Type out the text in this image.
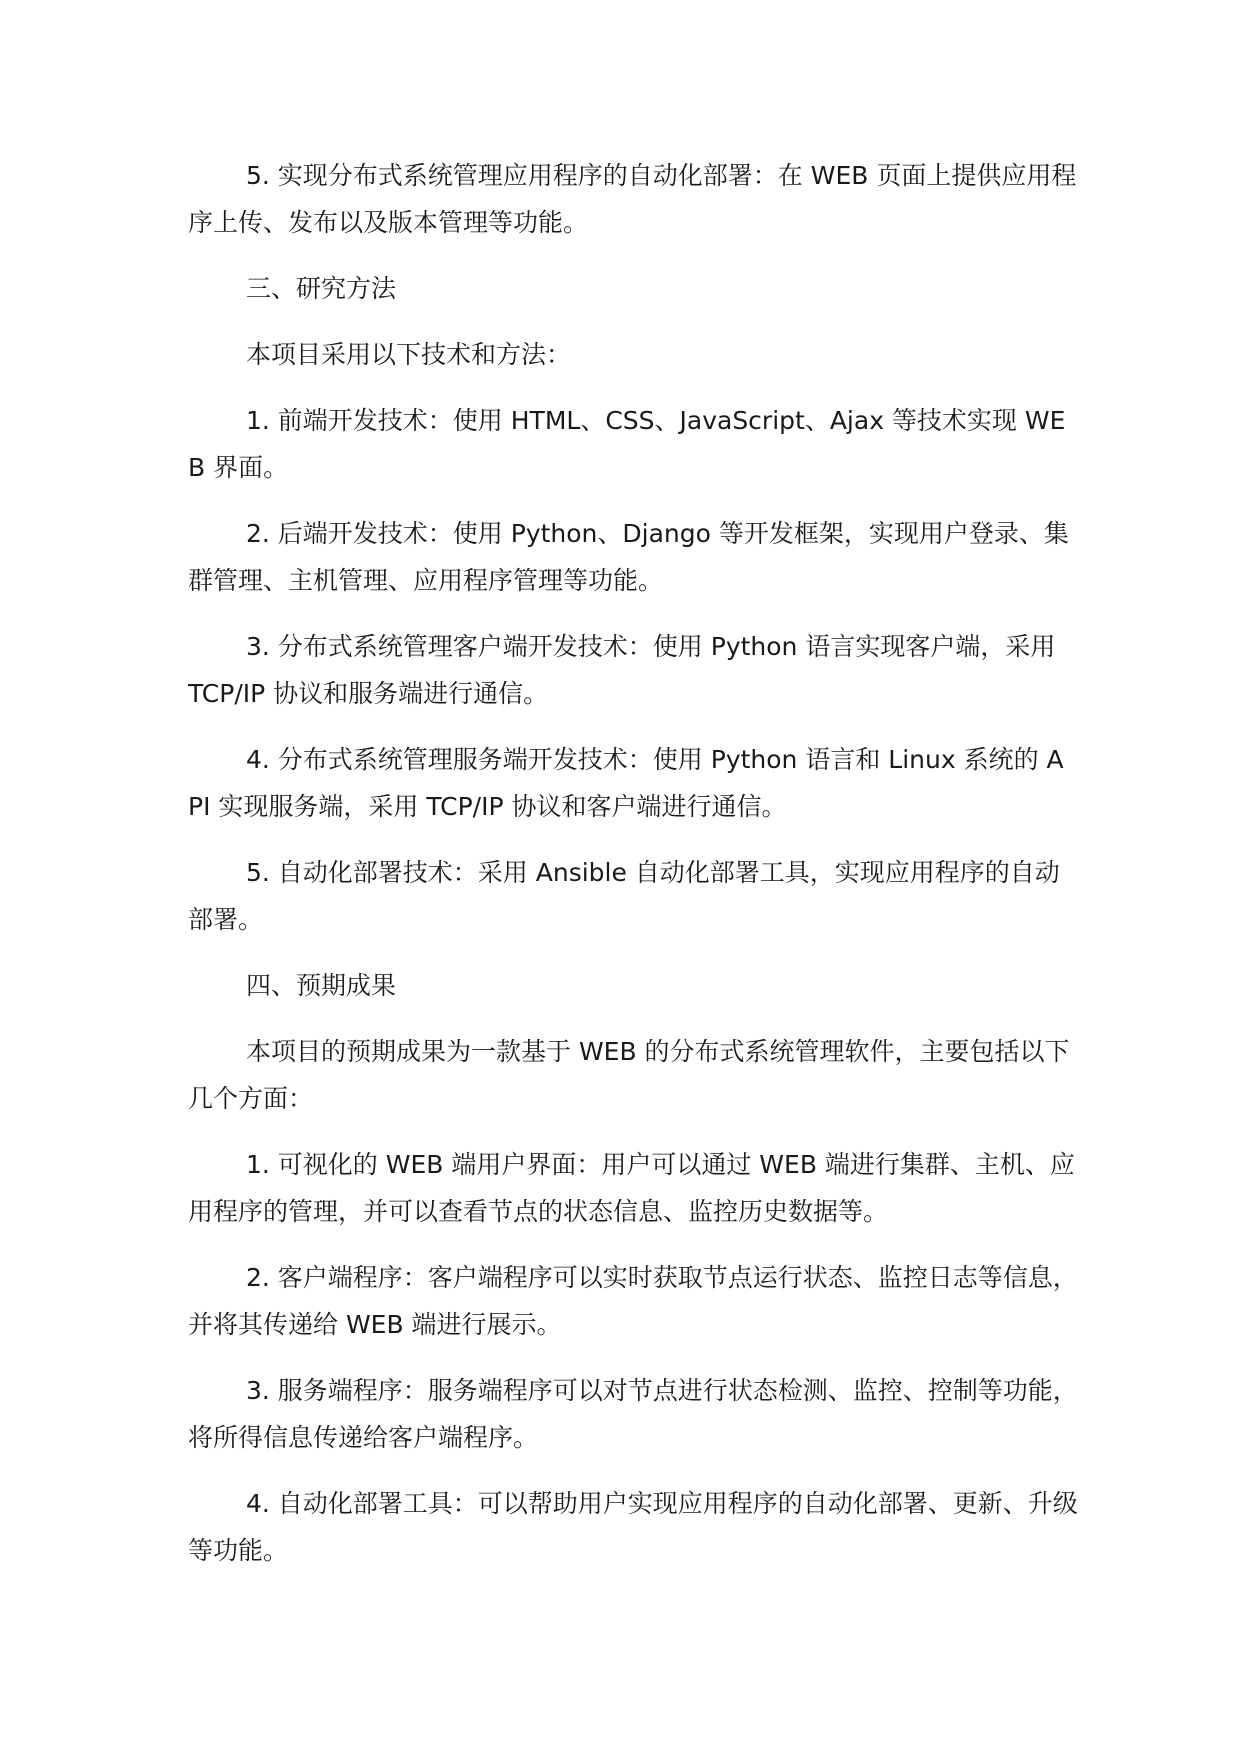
5. 实现分布式系统管理应用程序的自动化部署：在 WEB 页面上提供应用程序上传、发布以及版本管理等功能。

三、研究方法

本项目采用以下技术和方法：

1. 前端开发技术：使用 HTML、CSS、JavaScript、Ajax 等技术实现 WEB 界面。

2. 后端开发技术：使用 Python、Django 等开发框架，实现用户登录、集群管理、主机管理、应用程序管理等功能。

3. 分布式系统管理客户端开发技术：使用 Python 语言实现客户端，采用 TCP/IP 协议和服务端进行通信。

4. 分布式系统管理服务端开发技术：使用 Python 语言和 Linux 系统的 API 实现服务端，采用 TCP/IP 协议和客户端进行通信。

5. 自动化部署技术：采用 Ansible 自动化部署工具，实现应用程序的自动部署。

四、预期成果

本项目的预期成果为一款基于 WEB 的分布式系统管理软件，主要包括以下几个方面：

1. 可视化的 WEB 端用户界面：用户可以通过 WEB 端进行集群、主机、应用程序的管理，并可以查看节点的状态信息、监控历史数据等。

2. 客户端程序：客户端程序可以实时获取节点运行状态、监控日志等信息，并将其传递给 WEB 端进行展示。

3. 服务端程序：服务端程序可以对节点进行状态检测、监控、控制等功能，将所得信息传递给客户端程序。

4. 自动化部署工具：可以帮助用户实现应用程序的自动化部署、更新、升级等功能。
